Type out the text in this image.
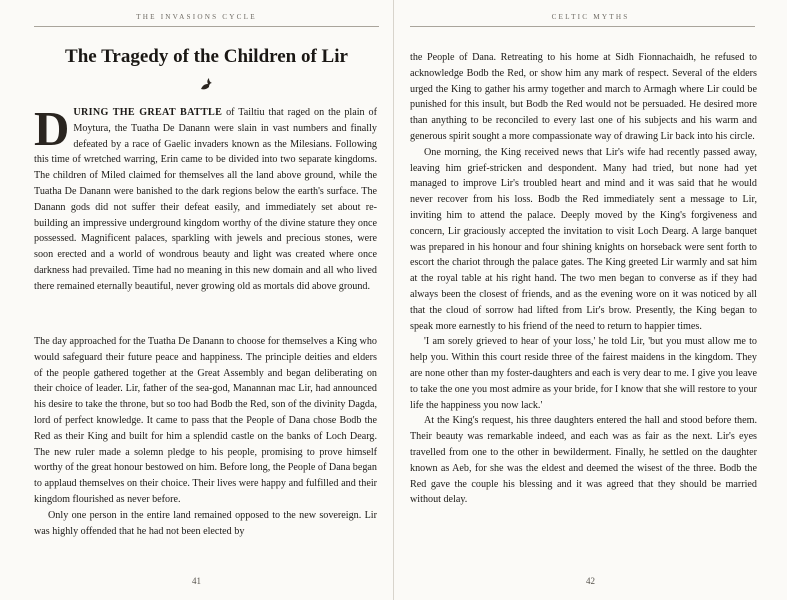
THE INVASIONS CYCLE
The Tragedy of the Children of Lir
D URING THE GREAT BATTLE of Tailtiu that raged on the plain of Moytura, the Tuatha De Danann were slain in vast numbers and finally defeated by a race of Gaelic invaders known as the Milesians. Following this time of wretched warring, Erin came to be divided into two separate kingdoms. The children of Miled claimed for themselves all the land above ground, while the Tuatha De Danann were banished to the dark regions below the earth's surface. The Danann gods did not suffer their defeat easily, and immediately set about re-building an impressive underground kingdom worthy of the divine stature they once possessed. Magnificent palaces, sparkling with jewels and precious stones, were soon erected and a world of wondrous beauty and light was created where once darkness had prevailed. Time had no meaning in this new domain and all who lived there remained eternally beautiful, never growing old as mortals did above ground.

The day approached for the Tuatha De Danann to choose for themselves a King who would safeguard their future peace and happiness. The principle deities and elders of the people gathered together at the Great Assembly and began deliberating on their choice of leader. Lir, father of the sea-god, Manannan mac Lir, had announced his desire to take the throne, but so too had Bodb the Red, son of the divinity Dagda, lord of perfect knowledge. It came to pass that the People of Dana chose Bodb the Red as their King and built for him a splendid castle on the banks of Loch Dearg. The new ruler made a solemn pledge to his people, promising to prove himself worthy of the great honour bestowed on him. Before long, the People of Dana began to applaud themselves on their choice. Their lives were happy and fulfilled and their kingdom flourished as never before.

Only one person in the entire land remained opposed to the new sovereign. Lir was highly offended that he had not been elected by

41
CELTIC MYTHS

the People of Dana. Retreating to his home at Sidh Fionnachaidh, he refused to acknowledge Bodb the Red, or show him any mark of respect. Several of the elders urged the King to gather his army together and march to Armagh where Lir could be punished for this insult, but Bodb the Red would not be persuaded. He desired more than anything to be reconciled to every last one of his subjects and his warm and generous spirit sought a more compassionate way of drawing Lir back into his circle.

One morning, the King received news that Lir's wife had recently passed away, leaving him grief-stricken and despondent. Many had tried, but none had yet managed to improve Lir's troubled heart and mind and it was said that he would never recover from his loss. Bodb the Red immediately sent a message to Lir, inviting him to attend the palace. Deeply moved by the King's forgiveness and concern, Lir graciously accepted the invitation to visit Loch Dearg. A large banquet was prepared in his honour and four shining knights on horseback were sent forth to escort the chariot through the palace gates. The King greeted Lir warmly and sat him at the royal table at his right hand. The two men began to converse as if they had always been the closest of friends, and as the evening wore on it was noticed by all that the cloud of sorrow had lifted from Lir's brow. Presently, the King began to speak more earnestly to his friend of the need to return to happier times.

'I am sorely grieved to hear of your loss,' he told Lir, 'but you must allow me to help you. Within this court reside three of the fairest maidens in the kingdom. They are none other than my foster-daughters and each is very dear to me. I give you leave to take the one you most admire as your bride, for I know that she will restore to your life the happiness you now lack.'

At the King's request, his three daughters entered the hall and stood before them. Their beauty was remarkable indeed, and each was as fair as the next. Lir's eyes travelled from one to the other in bewilderment. Finally, he settled on the daughter known as Aeb, for she was the eldest and deemed the wisest of the three. Bodb the Red gave the couple his blessing and it was agreed that they should be married without delay.

42
